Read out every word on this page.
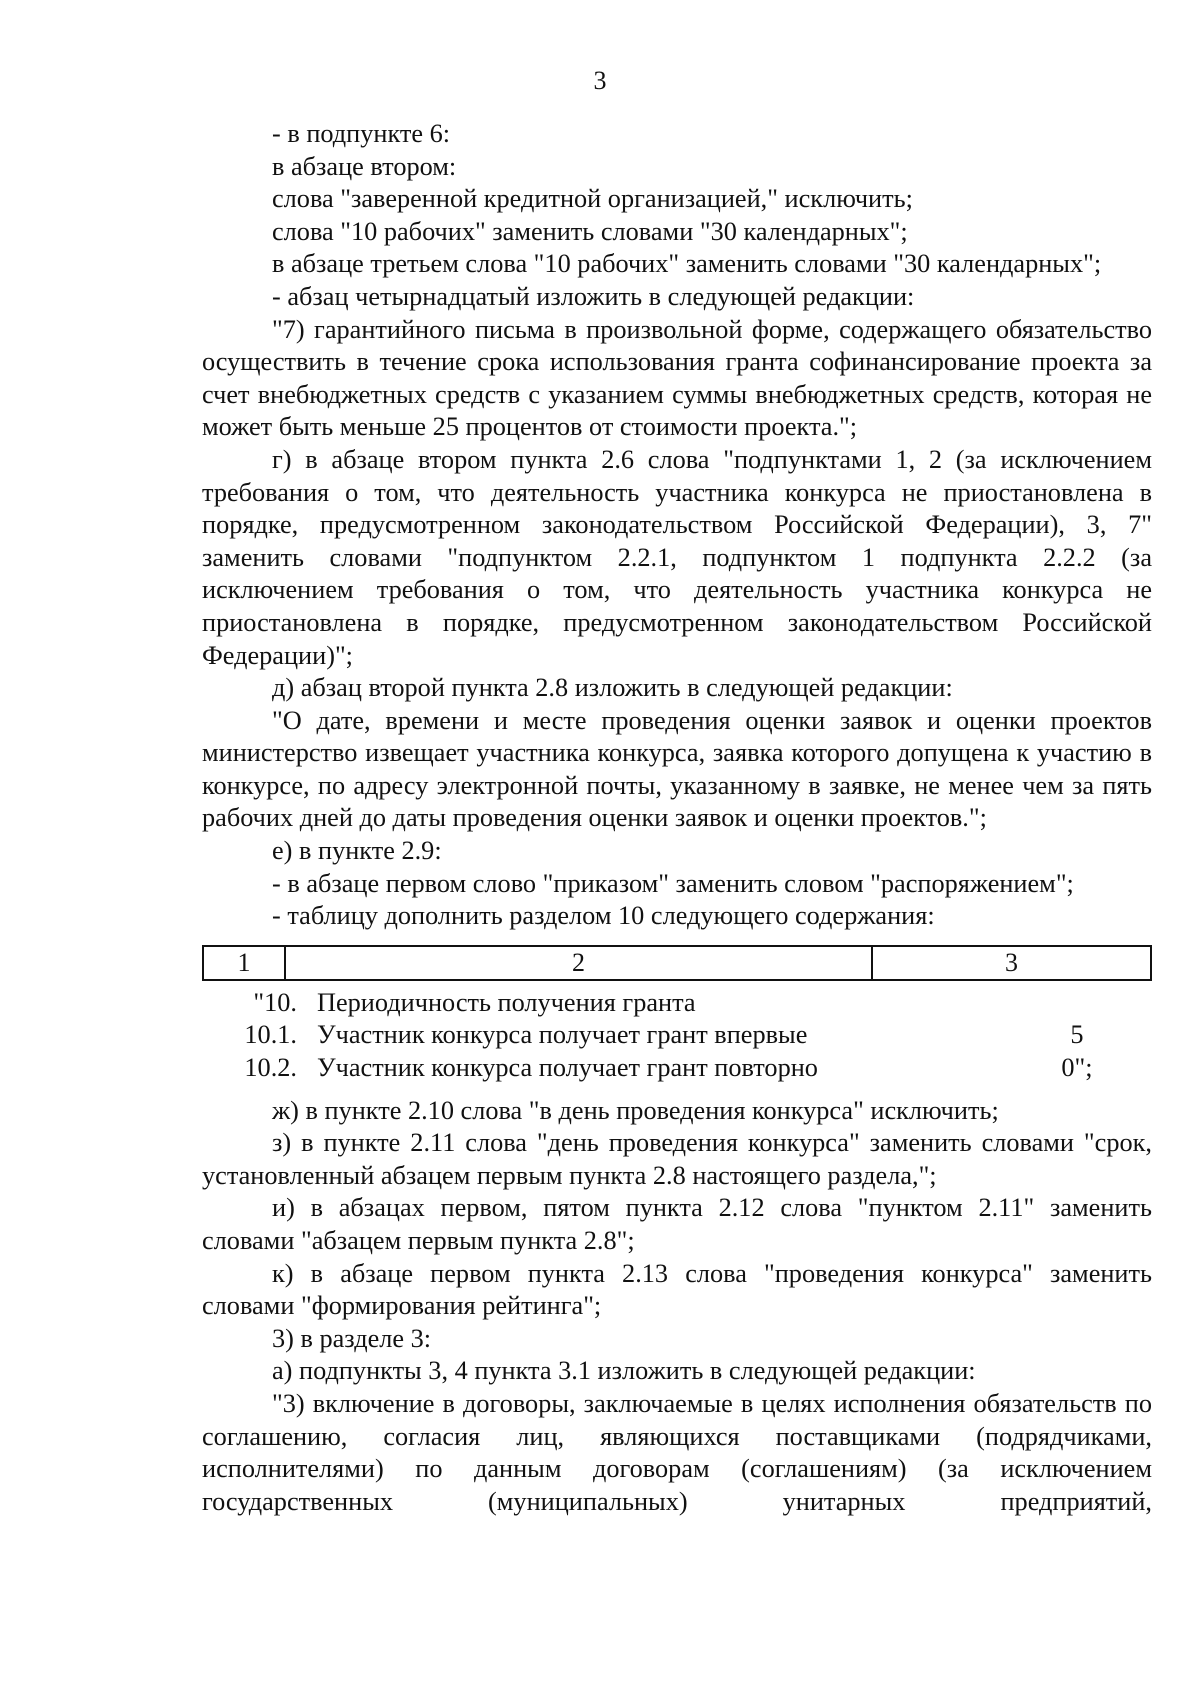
3

- в подпункте 6:

в абзаце втором:

слова "заверенной кредитной организацией," исключить;

слова "10 рабочих" заменить словами "30 календарных";

в абзаце третьем слова "10 рабочих" заменить словами "30 календарных";

- абзац четырнадцатый изложить в следующей редакции:

"7) гарантийного письма в произвольной форме, содержащего обязательство осуществить в течение срока использования гранта софинансирование проекта за счет внебюджетных средств с указанием суммы внебюджетных средств, которая не может быть меньше 25 процентов от стоимости проекта.";

г) в абзаце втором пункта 2.6 слова "подпунктами 1, 2 (за исключением требования о том, что деятельность участника конкурса не приостановлена в порядке, предусмотренном законодательством Российской Федерации), 3, 7" заменить словами "подпунктом 2.2.1, подпунктом 1 подпункта 2.2.2 (за исключением требования о том, что деятельность участника конкурса не приостановлена в порядке, предусмотренном законодательством Российской Федерации)";

д) абзац второй пункта 2.8 изложить в следующей редакции:

"О дате, времени и месте проведения оценки заявок и оценки проектов министерство извещает участника конкурса, заявка которого допущена к участию в конкурсе, по адресу электронной почты, указанному в заявке, не менее чем за пять рабочих дней до даты проведения оценки заявок и оценки проектов.";

е) в пункте 2.9:

- в абзаце первом слово "приказом" заменить словом "распоряжением";

- таблицу дополнить разделом 10 следующего содержания:

1	2	3
"10. Периодичность получения гранта
10.1. Участник конкурса получает грант впервые	5
10.2. Участник конкурса получает грант повторно	0";

ж) в пункте 2.10 слова "в день проведения конкурса" исключить;

з) в пункте 2.11 слова "день проведения конкурса" заменить словами "срок, установленный абзацем первым пункта 2.8 настоящего раздела,";

и) в абзацах первом, пятом пункта 2.12 слова "пунктом 2.11" заменить словами "абзацем первым пункта 2.8";

к) в абзаце первом пункта 2.13 слова "проведения конкурса" заменить словами "формирования рейтинга";

3) в разделе 3:

а) подпункты 3, 4 пункта 3.1 изложить в следующей редакции:

"3) включение в договоры, заключаемые в целях исполнения обязательств по соглашению, согласия лиц, являющихся поставщиками (подрядчиками, исполнителями) по данным договорам (соглашениям) (за исключением государственных (муниципальных) унитарных предприятий,
